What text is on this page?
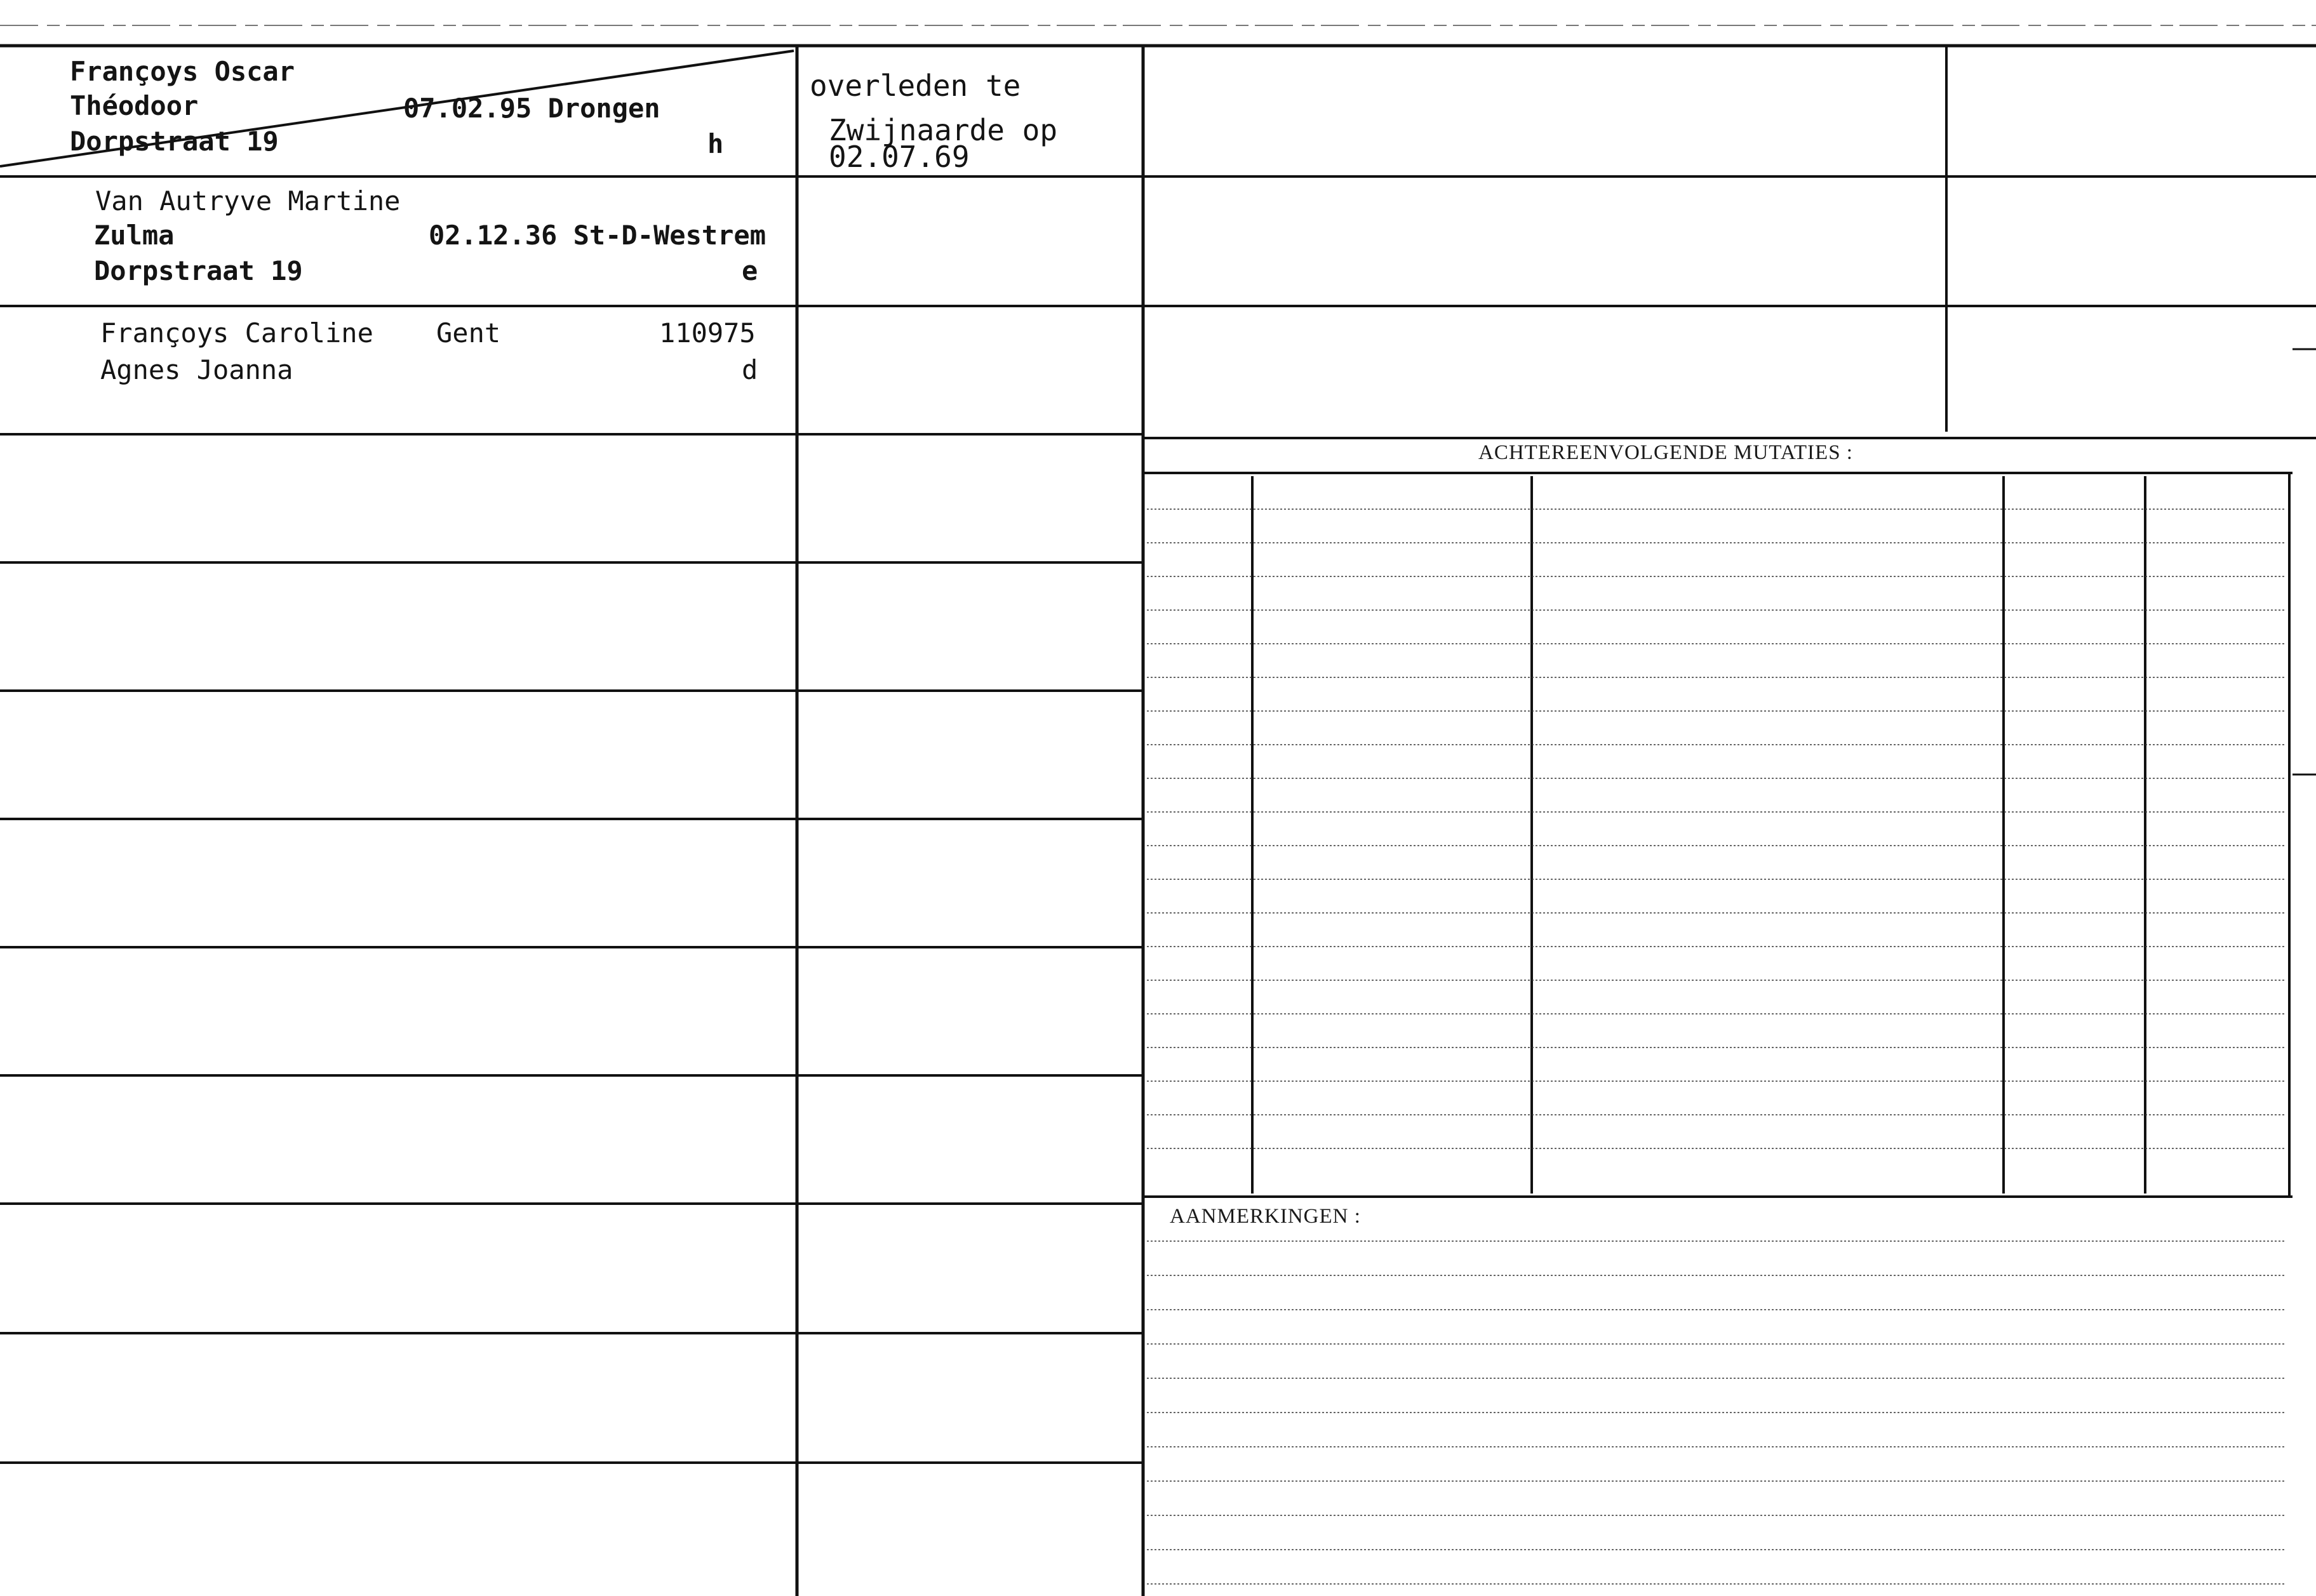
Françoys Oscar
Théodoor
Dorpstraat 19
07.02.95 Drongen
h
overleden te
Zwijnaarde op
02.07.69
Van Autryve Martine
Zulma
Dorpstraat 19
02.12.36 St-D-Westrem
e
Françoys Caroline
Agnes Joanna
Gent	110975
d
ACHTEREENVOLGENDE MUTATIES :
AANMERKINGEN :
